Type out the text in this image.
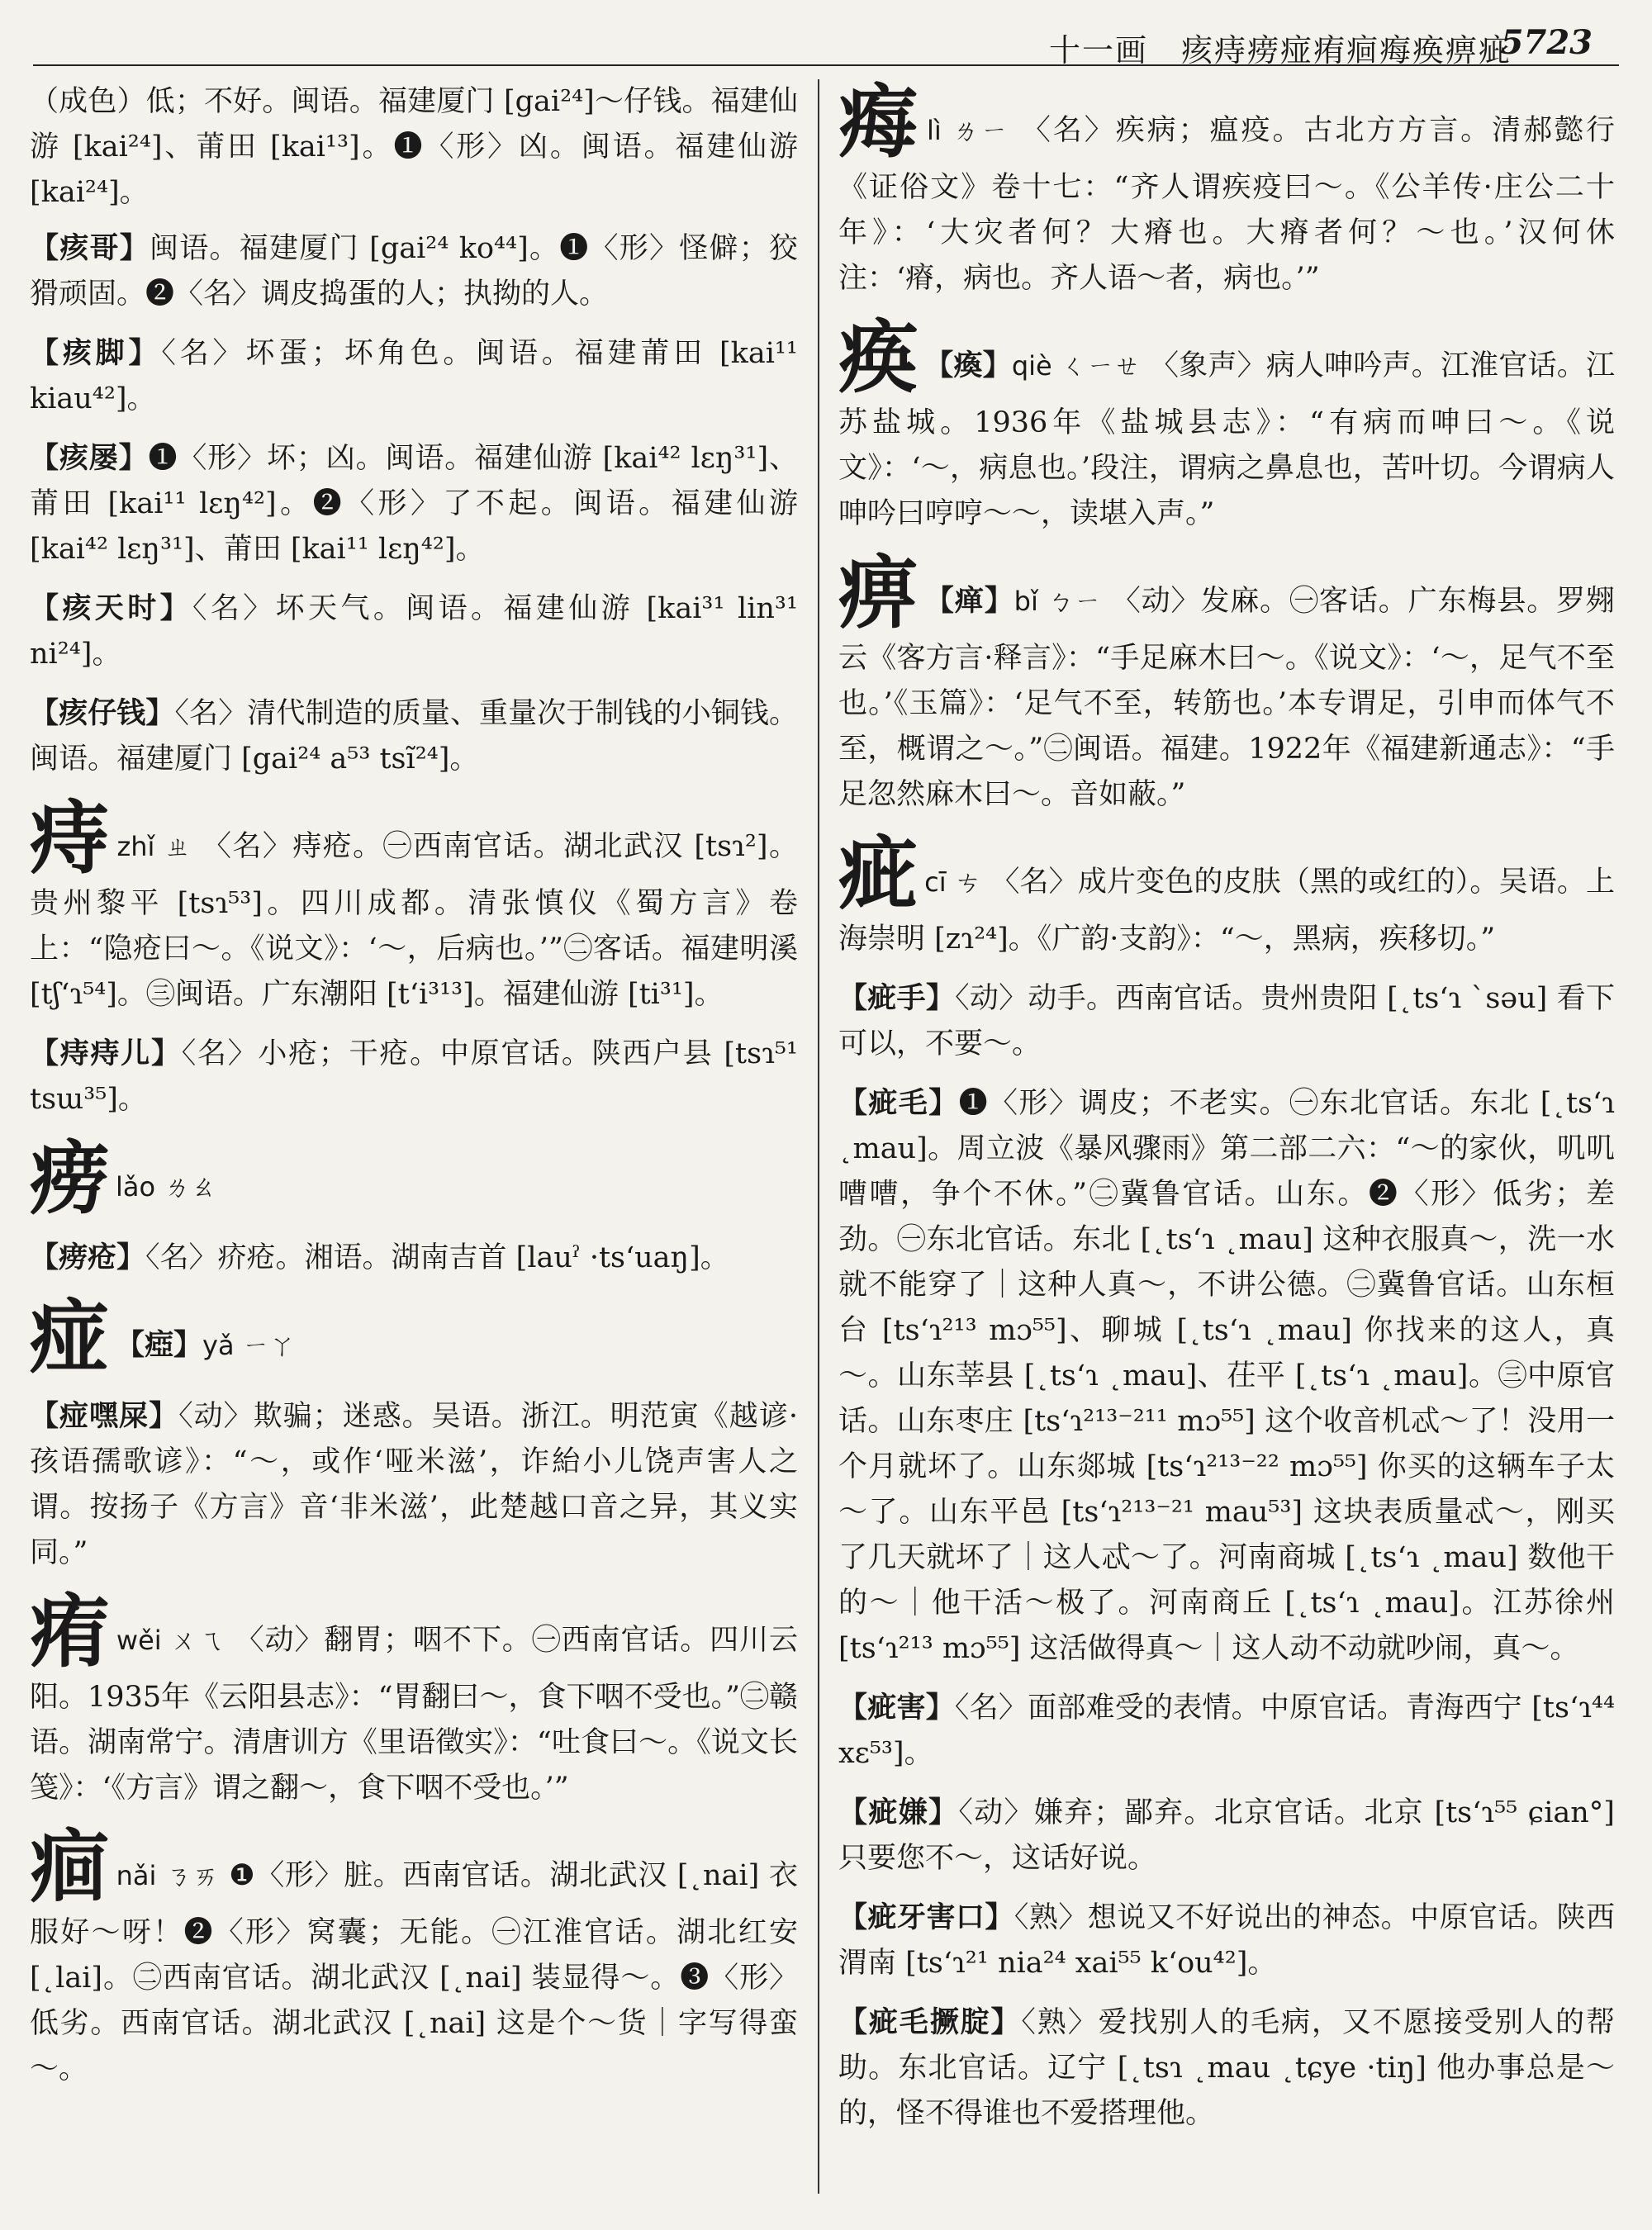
十一画　痎痔痨痖痏痐痗痪痹疵
5723

（成色）低；不好。闽语。福建厦门 [gai²⁴]～仔钱。福建仙游 [kai²⁴]、莆田 [kai¹³]。❶〈形〉凶。闽语。福建仙游 [kai²⁴]。

【痎哥】闽语。福建厦门 [gai²⁴ ko⁴⁴]。❶〈形〉怪僻；狡猾顽固。❷〈名〉调皮捣蛋的人；执拗的人。

【痎脚】〈名〉坏蛋；坏角色。闽语。福建莆田 [kai¹¹ kiau⁴²]。

【痎屡】❶〈形〉坏；凶。闽语。福建仙游 [kai⁴² lɛŋ³¹]、莆田 [kai¹¹ lɛŋ⁴²]。❷〈形〉了不起。闽语。福建仙游 [kai⁴² lɛŋ³¹]、莆田 [kai¹¹ lɛŋ⁴²]。

【痎天时】〈名〉坏天气。闽语。福建仙游 [kai³¹ lin³¹ ni²⁴]。

【痎仔钱】〈名〉清代制造的质量、重量次于制钱的小铜钱。闽语。福建厦门 [gai²⁴ a⁵³ tsĩ²⁴]。

痔zhǐ ㄓ 〈名〉痔疮。㊀西南官话。湖北武汉 [tsɿ²]。贵州黎平 [tsɿ⁵³]。四川成都。清张慎仪《蜀方言》卷上：“隐疮曰～。《说文》：‘～，后病也。’”㊁客话。福建明溪 [tʃʻɿ⁵⁴]。㊂闽语。广东潮阳 [tʻi³¹³]。福建仙游 [ti³¹]。

【痔痔儿】〈名〉小疮；干疮。中原官话。陕西户县 [tsɿ⁵¹ tsɯ³⁵]。

痨lǎo ㄌㄠ

【痨疮】〈名〉疥疮。湘语。湖南吉首 [lauˀ ·tsʻuaŋ]。

痖 【瘂】yǎ ㄧㄚ

【痖嘿屎】〈动〉欺骗；迷惑。吴语。浙江。明范寅《越谚·孩语孺歌谚》：“～，或作‘哑米滋’，诈紿小儿饶声害人之谓。按扬子《方言》音‘非米滋’，此楚越口音之异，其义实同。”

痏wěi ㄨㄟ 〈动〉翻胃；咽不下。㊀西南官话。四川云阳。1935年《云阳县志》：“胃翻曰～，食下咽不受也。”㊁赣语。湖南常宁。清唐训方《里语徵实》：“吐食曰～。《说文长笺》：‘《方言》谓之翻～，食下咽不受也。’”

痐nǎi ㄋㄞ ❶〈形〉脏。西南官话。湖北武汉 [˛nai] 衣服好～呀！❷〈形〉窝囊；无能。㊀江淮官话。湖北红安 [˛lai]。㊁西南官话。湖北武汉 [˛nai] 装显得～。❸〈形〉低劣。西南官话。湖北武汉 [˛nai] 这是个～货｜字写得蛮～。

痗lì ㄌㄧ 〈名〉疾病；瘟疫。古北方方言。清郝懿行《证俗文》卷十七：“齐人谓疾疫曰～。《公羊传·庄公二十年》：‘大灾者何？大瘠也。大瘠者何？～也。’汉何休注：‘瘠，病也。齐人语～者，病也。’”

痪 【瘓】qiè ㄑㄧㄝ 〈象声〉病人呻吟声。江淮官话。江苏盐城。1936年《盐城县志》：“有病而呻曰～。《说文》：‘～，病息也。’段注，谓病之鼻息也，苦叶切。今谓病人呻吟曰哼哼～～，读堪入声。”

痹 【瘅】bǐ ㄅㄧ 〈动〉发麻。㊀客话。广东梅县。罗翙云《客方言·释言》：“手足麻木曰～。《说文》：‘～，足气不至也。’《玉篇》：‘足气不至，转筋也。’本专谓足，引申而体气不至，概谓之～。”㊁闽语。福建。1922年《福建新通志》：“手足忽然麻木曰～。音如蔽。”

疵cī ㄘ 〈名〉成片变色的皮肤（黑的或红的）。吴语。上海崇明 [zɿ²⁴]。《广韵·支韵》：“～，黑病，疾移切。”

【疵手】〈动〉动手。西南官话。贵州贵阳 [˛tsʻɿ ˋsəu] 看下可以，不要～。

【疵毛】❶〈形〉调皮；不老实。㊀东北官话。东北 [˛tsʻɿ ˛mau]。周立波《暴风骤雨》第二部二六：“～的家伙，叽叽嘈嘈，争个不休。”㊁冀鲁官话。山东。❷〈形〉低劣；差劲。㊀东北官话。东北 [˛tsʻɿ ˛mau] 这种衣服真～，洗一水就不能穿了｜这种人真～，不讲公德。㊁冀鲁官话。山东桓台 [tsʻɿ²¹³ mɔ⁵⁵]、聊城 [˛tsʻɿ ˛mau] 你找来的这人，真～。山东莘县 [˛tsʻɿ ˛mau]、茌平 [˛tsʻɿ ˛mau]。㊂中原官话。山东枣庄 [tsʻɿ²¹³⁻²¹¹ mɔ⁵⁵] 这个收音机忒～了！没用一个月就坏了。山东郯城 [tsʻɿ²¹³⁻²² mɔ⁵⁵] 你买的这辆车子太～了。山东平邑 [tsʻɿ²¹³⁻²¹ mau⁵³] 这块表质量忒～，刚买了几天就坏了｜这人忒～了。河南商城 [˛tsʻɿ ˛mau] 数他干的～｜他干活～极了。河南商丘 [˛tsʻɿ ˛mau]。江苏徐州 [tsʻɿ²¹³ mɔ⁵⁵] 这活做得真～｜这人动不动就吵闹，真～。

【疵害】〈名〉面部难受的表情。中原官话。青海西宁 [tsʻɿ⁴⁴ xɛ⁵³]。

【疵嫌】〈动〉嫌弃；鄙弃。北京官话。北京 [tsʻɿ⁵⁵ ɕian°] 只要您不～，这话好说。

【疵牙害口】〈熟〉想说又不好说出的神态。中原官话。陕西渭南 [tsʻɿ²¹ nia²⁴ xai⁵⁵ kʻou⁴²]。

【疵毛撅腚】〈熟〉爱找别人的毛病，又不愿接受别人的帮助。东北官话。辽宁 [˛tsɿ ˛mau ˛tɕye ·tiŋ] 他办事总是～的，怪不得谁也不爱搭理他。
